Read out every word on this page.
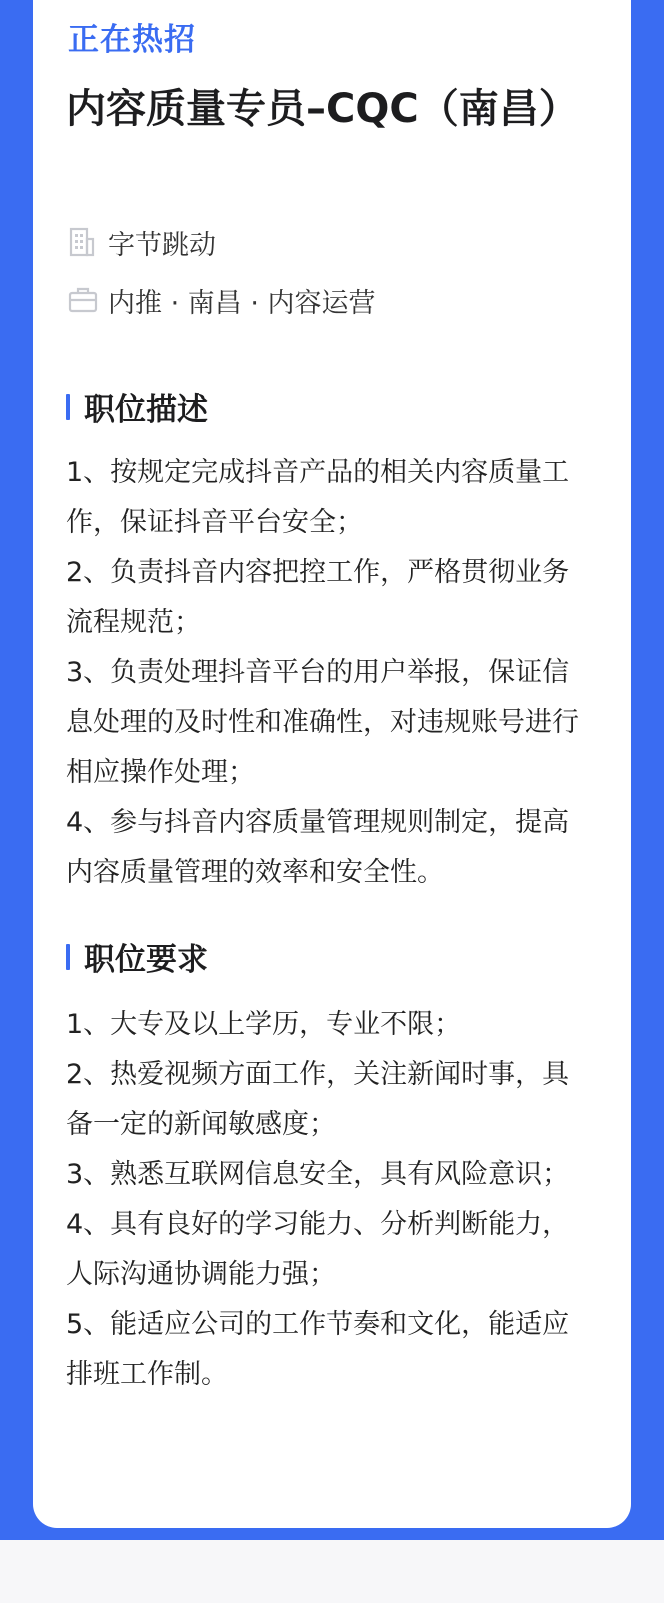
正在热招
内容质量专员–CQC（南昌）
字节跳动
内推 · 南昌 · 内容运营
职位描述
1、按规定完成抖音产品的相关内容质量工作，保证抖音平台安全；
2、负责抖音内容把控工作，严格贯彻业务流程规范；
3、负责处理抖音平台的用户举报，保证信息处理的及时性和准确性，对违规账号进行相应操作处理；
4、参与抖音内容质量管理规则制定，提高内容质量管理的效率和安全性。
职位要求
1、大专及以上学历，专业不限；
2、热爱视频方面工作，关注新闻时事，具备一定的新闻敏感度；
3、熟悉互联网信息安全，具有风险意识；
4、具有良好的学习能力、分析判断能力，人际沟通协调能力强；
5、能适应公司的工作节奏和文化，能适应排班工作制。
